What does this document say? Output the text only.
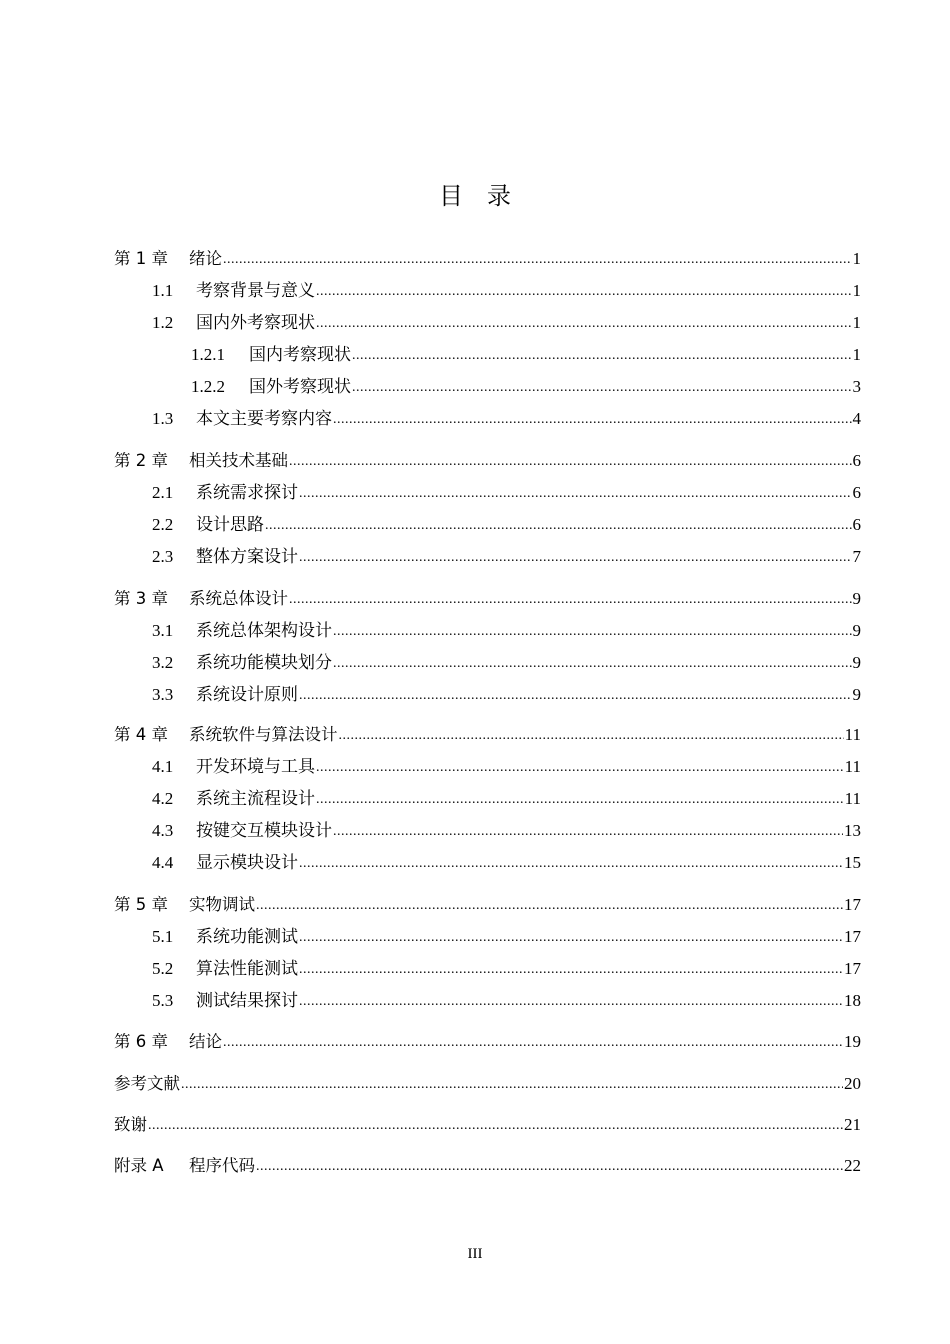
目　录
第 1 章	绪论 .....	1
1.1	考察背景与意义 .....	1
1.2	国内外考察现状 .....	1
1.2.1	国内考察现状 .....	1
1.2.2	国外考察现状 .....	3
1.3	本文主要考察内容 .....	4
第 2 章	相关技术基础 .....	6
2.1	系统需求探讨 .....	6
2.2	设计思路 .....	6
2.3	整体方案设计 .....	7
第 3 章	系统总体设计 .....	9
3.1	系统总体架构设计 .....	9
3.2	系统功能模块划分 .....	9
3.3	系统设计原则 .....	9
第 4 章	系统软件与算法设计 .....	11
4.1	开发环境与工具 .....	11
4.2	系统主流程设计 .....	11
4.3	按键交互模块设计 .....	13
4.4	显示模块设计 .....	15
第 5 章	实物调试 .....	17
5.1	系统功能测试 .....	17
5.2	算法性能测试 .....	17
5.3	测试结果探讨 .....	18
第 6 章	结论 .....	19
参考文献 .....	20
致谢 .....	21
附录 A	程序代码 .....	22
III
